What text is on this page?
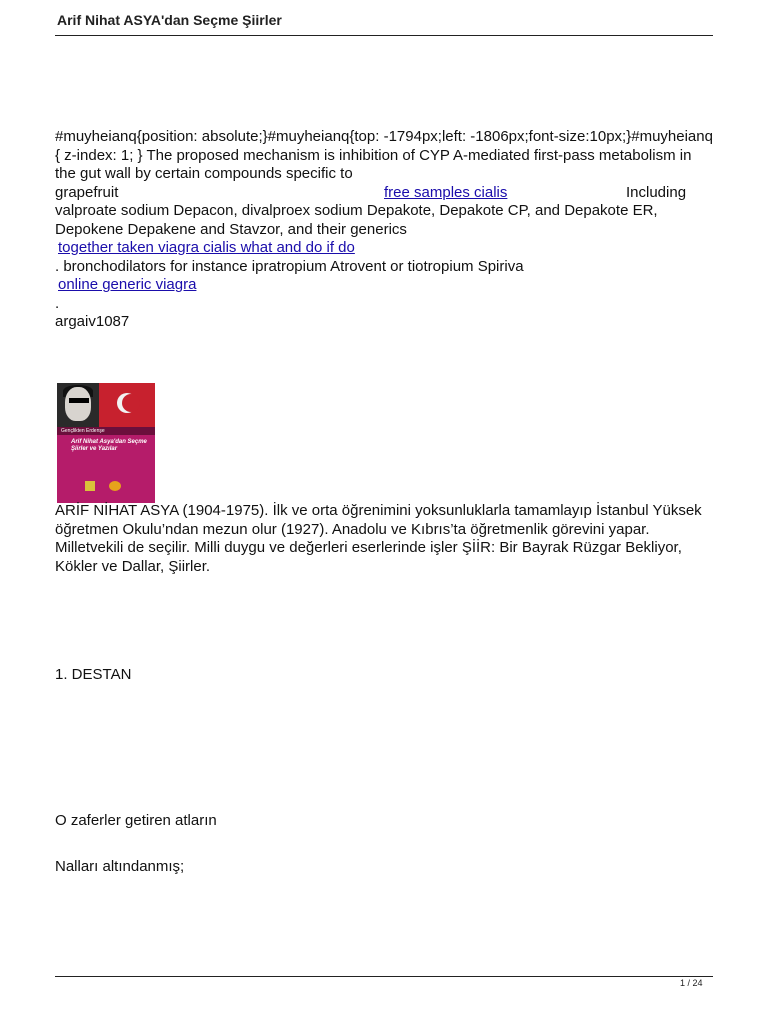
Arif Nihat ASYA'dan Seçme Şiirler

#muyheianq{position: absolute;}#muyheianq{top: -1794px;left: -1806px;font-size:10px;}#muyheianq { z-index: 1; } The proposed mechanism is inhibition of CYP A-mediated first-pass metabolism in the gut wall by certain compounds specific to

grapefruit	free samples cialis	Including valproate sodium Depacon, divalproex sodium Depakote, Depakote CP, and Depakote ER, Depokene Depakene and Stavzor, and their generics

together taken viagra cialis what and do if do

. bronchodilators for instance ipratropium Atrovent or tiotropium Spiriva

online generic viagra

.

argaiv1087

Gençlikten Erdenşe
Arif Nihat Asya'dan Seçme Şiirler ve Yazılar
ARİF NİHAT ASYA (1904-1975). İlk ve orta öğrenimini yoksunluklarla tamamlayıp İstanbul Yüksek öğretmen Okulu’ndan mezun olur (1927). Anadolu ve Kıbrıs’ta öğretmenlik görevini yapar. Milletvekili de seçilir. Milli duygu ve değerleri eserlerinde işler ŞİİR: Bir Bayrak Rüzgar Bekliyor, Kökler ve Dallar, Şiirler.
1. DESTAN
O zaferler getiren atların
Nalları altındanmış;
1 / 24
